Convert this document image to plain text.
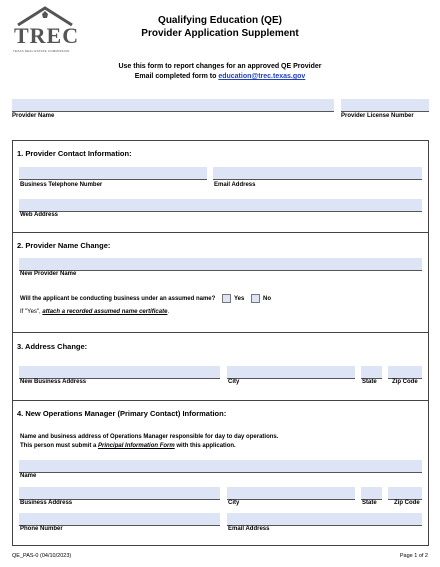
TREC
TEXAS REAL ESTATE COMMISSION
Qualifying Education (QE)
Provider Application Supplement
Use this form to report changes for an approved QE Provider
Email completed form to education@trec.texas.gov
Provider Name	Provider License Number
1. Provider Contact Information:
Business Telephone Number	Email Address
Web Address
2. Provider Name Change:
New Provider Name
Will the applicant be conducting business under an assumed name?	Yes	No
If "Yes", attach a recorded assumed name certificate.
3. Address Change:
New Business Address	City	State	Zip Code
4. New Operations Manager (Primary Contact) Information:
Name and business address of Operations Manager responsible for day to day operations.
This person must submit a Principal Information Form with this application.
Name
Business Address	City	State	Zip Code
Phone Number	Email Address
QE_PAS-0 (04/10/2023)	Page 1 of 2
